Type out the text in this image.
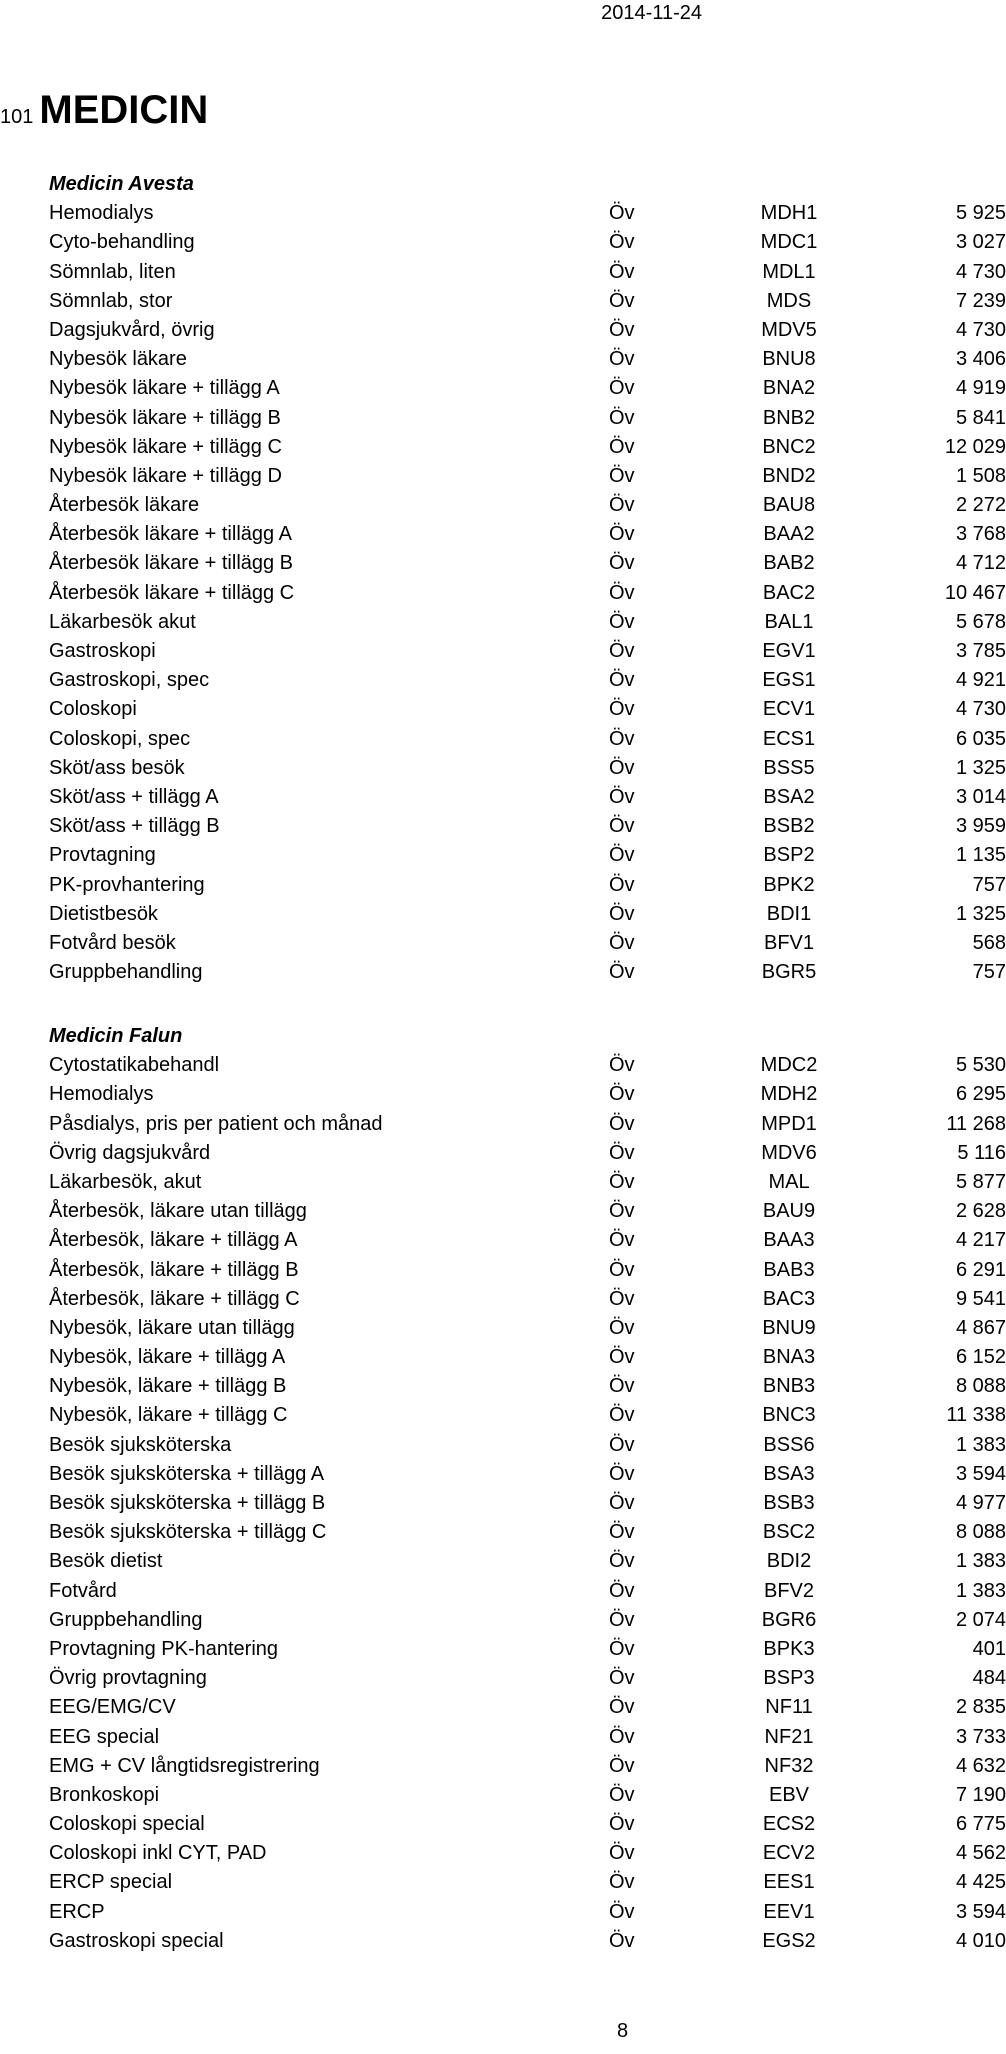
2014-11-24
101 MEDICIN
Medicin Avesta
Hemodialys	Öv	MDH1	5 925
Cyto-behandling	Öv	MDC1	3 027
Sömnlab, liten	Öv	MDL1	4 730
Sömnlab, stor	Öv	MDS	7 239
Dagsjukvård, övrig	Öv	MDV5	4 730
Nybesök läkare	Öv	BNU8	3 406
Nybesök läkare + tillägg A	Öv	BNA2	4 919
Nybesök läkare + tillägg B	Öv	BNB2	5 841
Nybesök läkare + tillägg C	Öv	BNC2	12 029
Nybesök läkare + tillägg D	Öv	BND2	1 508
Återbesök läkare	Öv	BAU8	2 272
Återbesök läkare + tillägg A	Öv	BAA2	3 768
Återbesök läkare + tillägg B	Öv	BAB2	4 712
Återbesök läkare + tillägg C	Öv	BAC2	10 467
Läkarbesök akut	Öv	BAL1	5 678
Gastroskopi	Öv	EGV1	3 785
Gastroskopi, spec	Öv	EGS1	4 921
Coloskopi	Öv	ECV1	4 730
Coloskopi, spec	Öv	ECS1	6 035
Sköt/ass besök	Öv	BSS5	1 325
Sköt/ass + tillägg A	Öv	BSA2	3 014
Sköt/ass + tillägg B	Öv	BSB2	3 959
Provtagning	Öv	BSP2	1 135
PK-provhantering	Öv	BPK2	757
Dietistbesök	Öv	BDI1	1 325
Fotvård besök	Öv	BFV1	568
Gruppbehandling	Öv	BGR5	757
Medicin Falun
Cytostatikabehandl	Öv	MDC2	5 530
Hemodialys	Öv	MDH2	6 295
Påsdialys, pris per patient och månad	Öv	MPD1	11 268
Övrig dagsjukvård	Öv	MDV6	5 116
Läkarbesök, akut	Öv	MAL	5 877
Återbesök, läkare utan tillägg	Öv	BAU9	2 628
Återbesök, läkare + tillägg A	Öv	BAA3	4 217
Återbesök, läkare + tillägg B	Öv	BAB3	6 291
Återbesök, läkare + tillägg C	Öv	BAC3	9 541
Nybesök, läkare utan tillägg	Öv	BNU9	4 867
Nybesök, läkare + tillägg A	Öv	BNA3	6 152
Nybesök, läkare + tillägg B	Öv	BNB3	8 088
Nybesök, läkare + tillägg C	Öv	BNC3	11 338
Besök sjuksköterska	Öv	BSS6	1 383
Besök sjuksköterska + tillägg A	Öv	BSA3	3 594
Besök sjuksköterska + tillägg B	Öv	BSB3	4 977
Besök sjuksköterska + tillägg C	Öv	BSC2	8 088
Besök dietist	Öv	BDI2	1 383
Fotvård	Öv	BFV2	1 383
Gruppbehandling	Öv	BGR6	2 074
Provtagning PK-hantering	Öv	BPK3	401
Övrig provtagning	Öv	BSP3	484
EEG/EMG/CV	Öv	NF11	2 835
EEG special	Öv	NF21	3 733
EMG + CV långtidsregistrering	Öv	NF32	4 632
Bronkoskopi	Öv	EBV	7 190
Coloskopi special	Öv	ECS2	6 775
Coloskopi inkl CYT, PAD	Öv	ECV2	4 562
ERCP special	Öv	EES1	4 425
ERCP	Öv	EEV1	3 594
Gastroskopi special	Öv	EGS2	4 010
8
